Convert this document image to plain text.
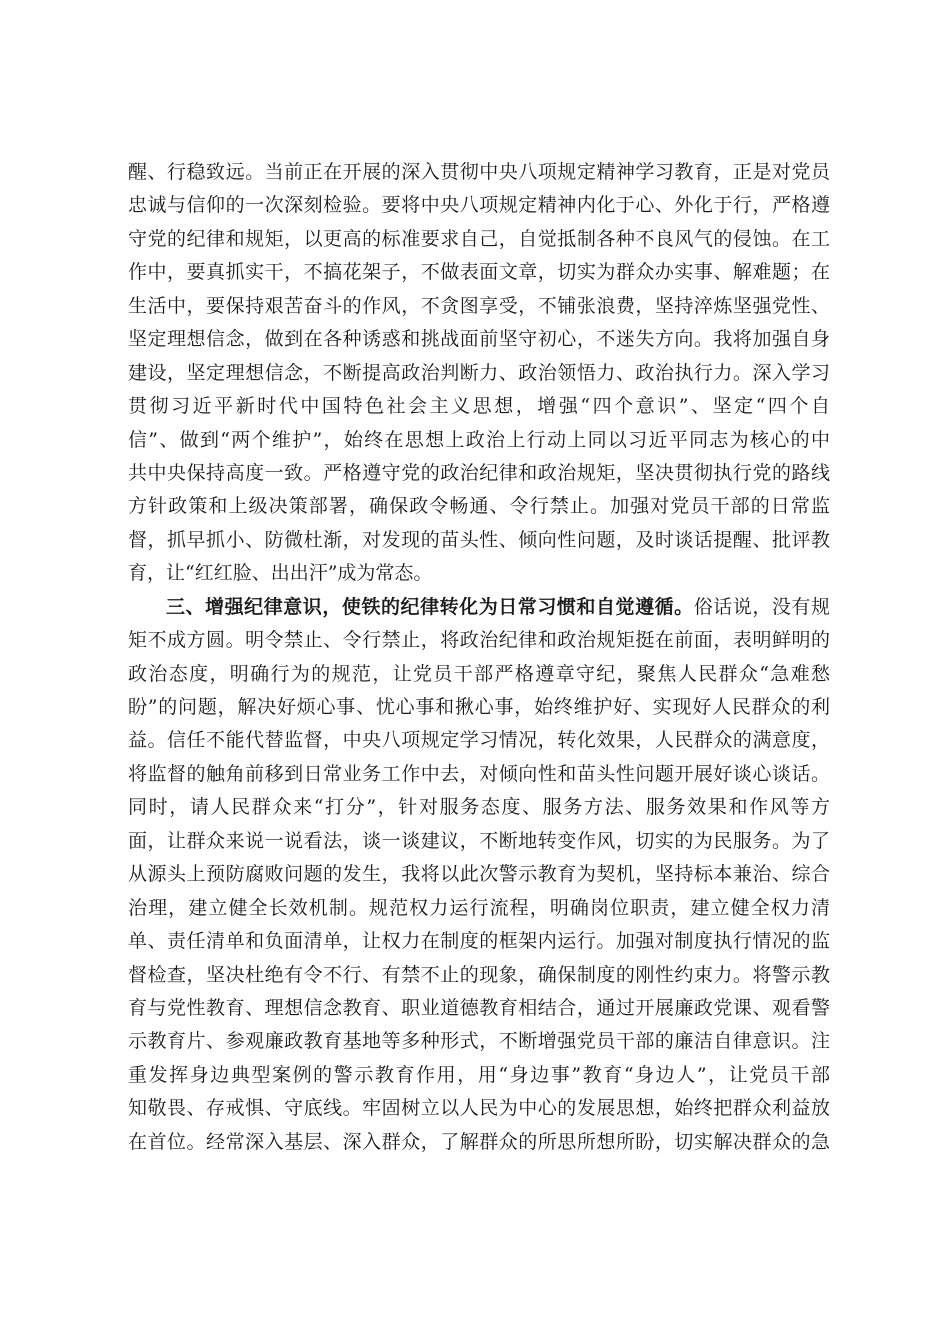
醒、行稳致远。当前正在开展的深入贯彻中央八项规定精神学习教育，正是对党员
忠诚与信仰的一次深刻检验。要将中央八项规定精神内化于心、外化于行，严格遵
守党的纪律和规矩，以更高的标准要求自己，自觉抵制各种不良风气的侵蚀。在工
作中，要真抓实干，不搞花架子，不做表面文章，切实为群众办实事、解难题；在
生活中，要保持艰苦奋斗的作风，不贪图享受，不铺张浪费，坚持淬炼坚强党性、
坚定理想信念，做到在各种诱惑和挑战面前坚守初心，不迷失方向。我将加强自身
建设，坚定理想信念，不断提高政治判断力、政治领悟力、政治执行力。深入学习
贯彻习近平新时代中国特色社会主义思想，增强“四个意识”、坚定“四个自
信”、做到“两个维护”，始终在思想上政治上行动上同以习近平同志为核心的中
共中央保持高度一致。严格遵守党的政治纪律和政治规矩，坚决贯彻执行党的路线
方针政策和上级决策部署，确保政令畅通、令行禁止。加强对党员干部的日常监
督，抓早抓小、防微杜渐，对发现的苗头性、倾向性问题，及时谈话提醒、批评教
育，让“红红脸、出出汗”成为常态。
三、增强纪律意识，使铁的纪律转化为日常习惯和自觉遵循。俗话说，没有规
矩不成方圆。明令禁止、令行禁止，将政治纪律和政治规矩挺在前面，表明鲜明的
政治态度，明确行为的规范，让党员干部严格遵章守纪，聚焦人民群众“急难愁
盼”的问题，解决好烦心事、忧心事和揪心事，始终维护好、实现好人民群众的利
益。信任不能代替监督，中央八项规定学习情况，转化效果，人民群众的满意度，
将监督的触角前移到日常业务工作中去，对倾向性和苗头性问题开展好谈心谈话。
同时，请人民群众来“打分”，针对服务态度、服务方法、服务效果和作风等方
面，让群众来说一说看法，谈一谈建议，不断地转变作风，切实的为民服务。为了
从源头上预防腐败问题的发生，我将以此次警示教育为契机，坚持标本兼治、综合
治理，建立健全长效机制。规范权力运行流程，明确岗位职责，建立健全权力清
单、责任清单和负面清单，让权力在制度的框架内运行。加强对制度执行情况的监
督检查，坚决杜绝有令不行、有禁不止的现象，确保制度的刚性约束力。将警示教
育与党性教育、理想信念教育、职业道德教育相结合，通过开展廉政党课、观看警
示教育片、参观廉政教育基地等多种形式，不断增强党员干部的廉洁自律意识。注
重发挥身边典型案例的警示教育作用，用“身边事”教育“身边人”，让党员干部
知敬畏、存戒惧、守底线。牢固树立以人民为中心的发展思想，始终把群众利益放
在首位。经常深入基层、深入群众，了解群众的所思所想所盼，切实解决群众的急
